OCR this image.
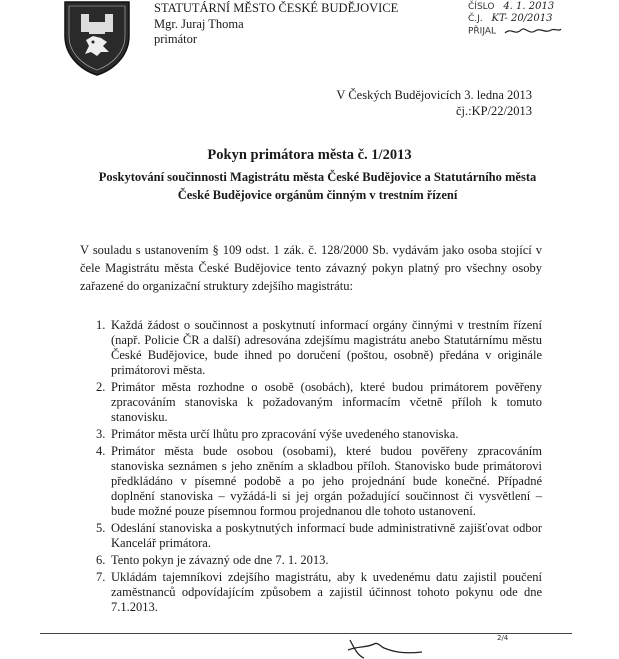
STATUTÁRNÍ MĚSTO ČESKÉ BUDĚJOVICE
Mgr. Juraj Thoma
primátor
ČÍSLO 4. 1. 2013
Č.J. KT- 20/2013
PŘIJAL
V Českých Budějovicích 3. ledna 2013
čj.:KP/22/2013
Pokyn primátora města č. 1/2013
Poskytování součinnosti Magistrátu města České Budějovice a Statutárního města České Budějovice orgánům činným v trestním řízení
V souladu s ustanovením § 109 odst. 1 zák. č. 128/2000 Sb. vydávám jako osoba stojící v čele Magistrátu města České Budějovice tento závazný pokyn platný pro všechny osoby zařazené do organizační struktury zdejšího magistrátu:
1. Každá žádost o součinnost a poskytnutí informací orgány činnými v trestním řízení (např. Policie ČR a další) adresována zdejšímu magistrátu anebo Statutárnímu městu České Budějovice, bude ihned po doručení (poštou, osobně) předána v originále primátorovi města.
2. Primátor města rozhodne o osobě (osobách), které budou primátorem pověřeny zpracováním stanoviska k požadovaným informacím včetně příloh k tomuto stanovisku.
3. Primátor města určí lhůtu pro zpracování výše uvedeného stanoviska.
4. Primátor města bude osobou (osobami), které budou pověřeny zpracováním stanoviska seznámen s jeho zněním a skladbou příloh. Stanovisko bude primátorovi předkládáno v písemné podobě a po jeho projednání bude konečné. Případné doplnění stanoviska – vyžádá-li si jej orgán požadující součinnost či vysvětlení – bude možné pouze písemnou formou projednanou dle tohoto ustanovení.
5. Odeslání stanoviska a poskytnutých informací bude administrativně zajišťovat odbor Kancelář primátora.
6. Tento pokyn je závazný ode dne 7. 1. 2013.
7. Ukládám tajemníkovi zdejšího magistrátu, aby k uvedenému datu zajistil poučení zaměstnanců odpovídajícím způsobem a zajistil účinnost tohoto pokynu ode dne 7.1.2013.
2/4
